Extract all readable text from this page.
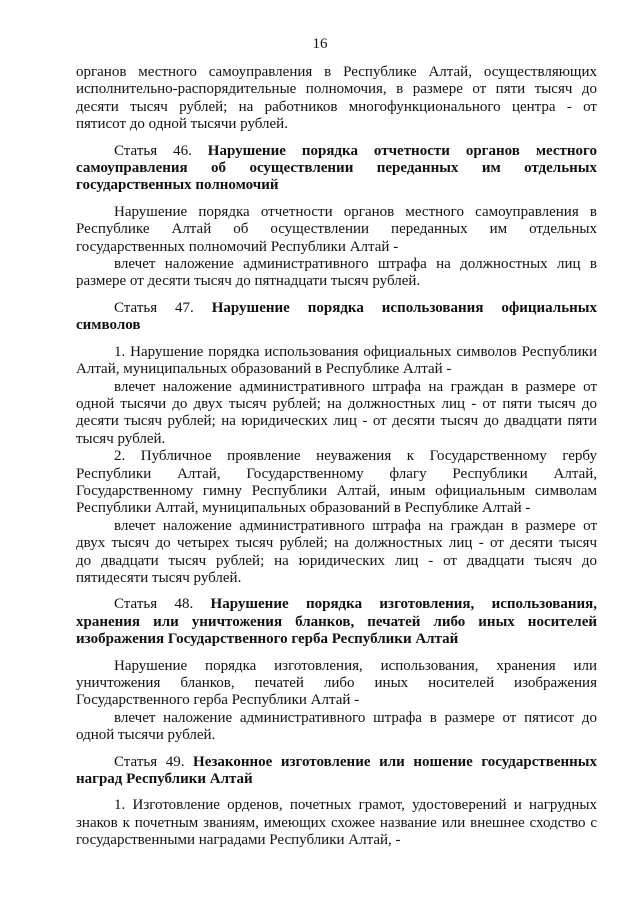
16
органов местного самоуправления в Республике Алтай, осуществляющих
исполнительно-распорядительные полномочия, в размере от пяти тысяч до
десяти тысяч рублей; на работников многофункционального центра - от
пятисот до одной тысячи рублей.
Статья 46. Нарушение порядка отчетности органов местного
самоуправления об осуществлении переданных им отдельных
государственных полномочий
Нарушение порядка отчетности органов местного самоуправления в
Республике Алтай об осуществлении переданных им отдельных
государственных полномочий Республики Алтай -
влечет наложение административного штрафа на должностных лиц в
размере от десяти тысяч до пятнадцати тысяч рублей.
Статья 47. Нарушение порядка использования официальных
символов
1. Нарушение порядка использования официальных символов Республики
Алтай, муниципальных образований в Республике Алтай -
влечет наложение административного штрафа на граждан в размере от
одной тысячи до двух тысяч рублей; на должностных лиц - от пяти тысяч до
десяти тысяч рублей; на юридических лиц - от десяти тысяч до двадцати пяти
тысяч рублей.
2. Публичное проявление неуважения к Государственному гербу
Республики Алтай, Государственному флагу Республики Алтай,
Государственному гимну Республики Алтай, иным официальным символам
Республики Алтай, муниципальных образований в Республике Алтай -
влечет наложение административного штрафа на граждан в размере от
двух тысяч до четырех тысяч рублей; на должностных лиц - от десяти тысяч
до двадцати тысяч рублей; на юридических лиц - от двадцати тысяч до
пятидесяти тысяч рублей.
Статья 48. Нарушение порядка изготовления, использования,
хранения или уничтожения бланков, печатей либо иных носителей
изображения Государственного герба Республики Алтай
Нарушение порядка изготовления, использования, хранения или
уничтожения бланков, печатей либо иных носителей изображения
Государственного герба Республики Алтай -
влечет наложение административного штрафа в размере от пятисот до
одной тысячи рублей.
Статья 49. Незаконное изготовление или ношение государственных
наград Республики Алтай
1. Изготовление орденов, почетных грамот, удостоверений и нагрудных
знаков к почетным званиям, имеющих схожее название или внешнее сходство с
государственными наградами Республики Алтай, -
